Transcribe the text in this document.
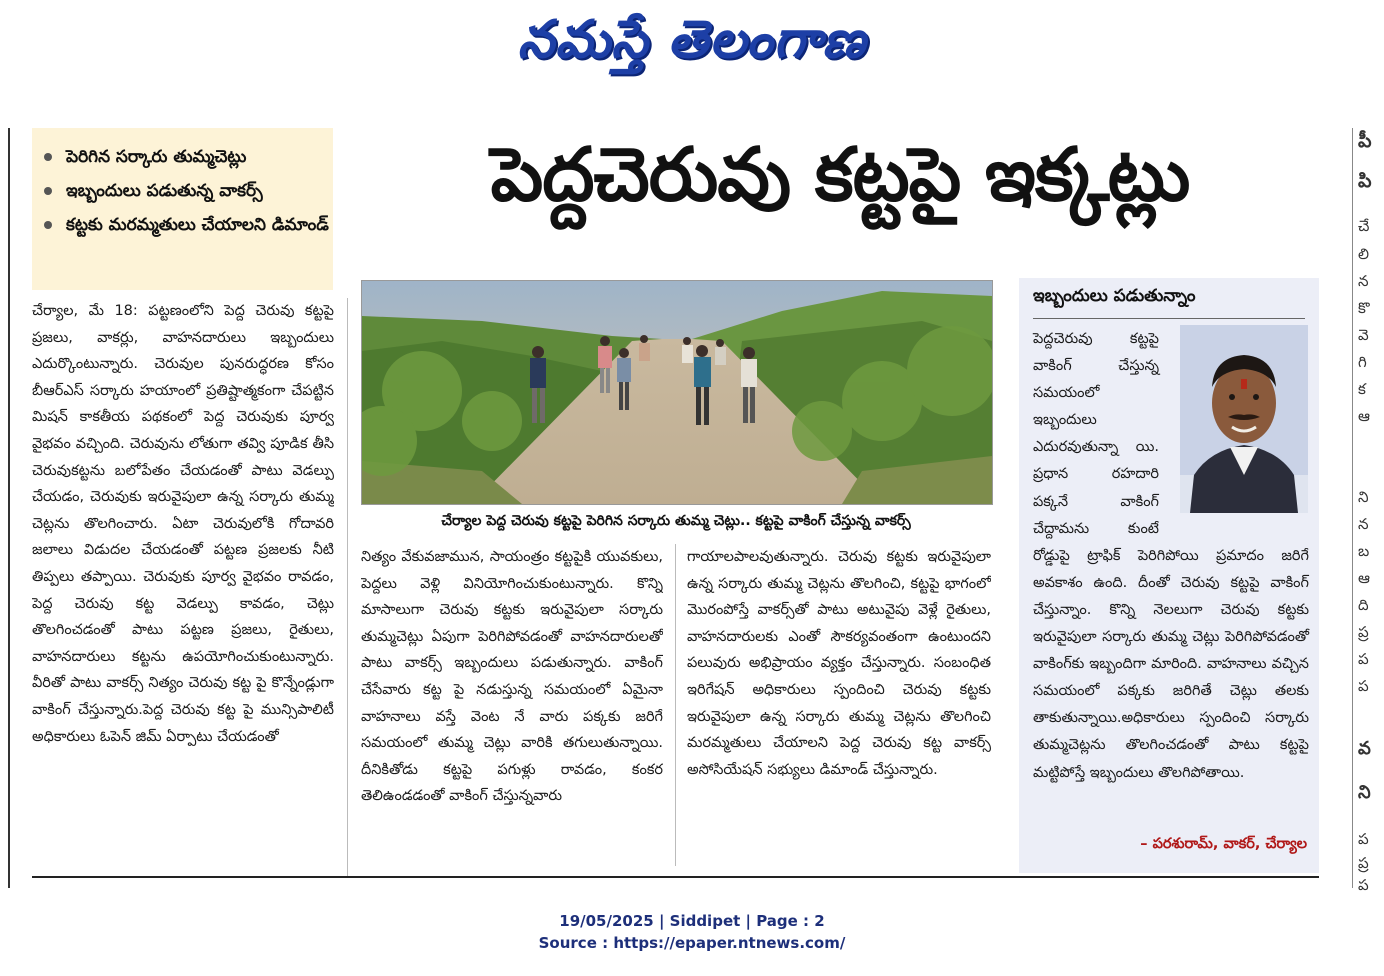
నమస్తే తెలంగాణ
పెరిగిన సర్కారు తుమ్మచెట్లు
ఇబ్బందులు పడుతున్న వాకర్స్
కట్టకు మరమ్మతులు చేయాలని డిమాండ్
పెద్దచెరువు కట్టపై ఇక్కట్లు
చేర్యాల పెద్ద చెరువు కట్టపై పెరిగిన సర్కారు తుమ్మ చెట్లు.. కట్టపై వాకింగ్ చేస్తున్న వాకర్స్

చేర్యాల, మే 18: పట్టణంలోని పెద్ద చెరువు కట్టపై ప్రజలు, వాకర్లు, వాహనదారులు ఇబ్బందులు ఎదుర్కొంటున్నారు. చెరువుల పునరుద్ధరణ కోసం బీఆర్ఎస్ సర్కారు హయాంలో ప్రతిష్టాత్మకంగా చేపట్టిన మిషన్ కాకతీయ పథకంలో పెద్ద చెరువుకు పూర్వ వైభవం వచ్చింది. చెరువును లోతుగా తవ్వి పూడిక తీసి చెరువుకట్టను బలోపేతం చేయడంతో పాటు వెడల్పు చేయడం, చెరువుకు ఇరువైపులా ఉన్న సర్కారు తుమ్మ చెట్లను తొలగించారు. ఏటా చెరువులోకి గోదావరి జలాలు విడుదల చేయడంతో పట్టణ ప్రజలకు నీటి తిప్పలు తప్పాయి. చెరువుకు పూర్వ వైభవం రావడం, పెద్ద చెరువు కట్ట వెడల్పు కావడం, చెట్లు తొలగించడంతో పాటు పట్టణ ప్రజలు, రైతులు, వాహనదారులు కట్టను ఉపయోగించుకుంటున్నారు. వీరితో పాటు వాకర్స్ నిత్యం చెరువు కట్ట పై కొన్నేండ్లుగా వాకింగ్ చేస్తున్నారు.పెద్ద చెరువు కట్ట పై మున్సిపాలిటీ అధికారులు ఓపెన్ జిమ్ ఏర్పాటు చేయడంతో

నిత్యం వేకువజామున, సాయంత్రం కట్టపైకి యువకులు, పెద్దలు వెళ్లి వినియోగించుకుంటున్నారు. కొన్ని మాసాలుగా చెరువు కట్టకు ఇరువైపులా సర్కారు తుమ్మచెట్లు ఏపుగా పెరిగిపోవడంతో వాహనదారులతో పాటు వాకర్స్ ఇబ్బందులు పడుతున్నారు. వాకింగ్ చేసేవారు కట్ట పై నడుస్తున్న సమయంలో ఏమైనా వాహనాలు వస్తే వెంట నే వారు పక్కకు జరిగే సమయంలో తుమ్మ చెట్లు వారికి తగులుతున్నాయి. దీనికితోడు కట్టపై పగుళ్లు రావడం, కంకర తెలిఉండడంతో వాకింగ్ చేస్తున్నవారు

గాయాలపాలవుతున్నారు. చెరువు కట్టకు ఇరువైపులా ఉన్న సర్కారు తుమ్మ చెట్లను తొలగించి, కట్టపై భాగంలో మొరంపోస్తే వాకర్స్‌తో పాటు అటువైపు వెళ్లే రైతులు, వాహనదారులకు ఎంతో సౌకర్యవంతంగా ఉంటుందని పలువురు అభిప్రాయం వ్యక్తం చేస్తున్నారు. సంబంధిత ఇరిగేషన్ అధికారులు స్పందించి చెరువు కట్టకు ఇరువైపులా ఉన్న సర్కారు తుమ్మ చెట్లను తొలగించి మరమ్మతులు చేయాలని పెద్ద చెరువు కట్ట వాకర్స్ అసోసియేషన్ సభ్యులు డిమాండ్ చేస్తున్నారు.

ఇబ్బందులు పడుతున్నాం
పెద్దచెరువు కట్టపై వాకింగ్ చేస్తున్న సమయంలో ఇబ్బందులు ఎదురవుతున్నా యి. ప్రధాన రహదారి పక్కనే వాకింగ్ చేద్దామను కుంటే రోడ్డుపై ట్రాఫిక్ పెరిగిపోయి ప్రమాదం జరిగే అవకాశం ఉంది. దీంతో చెరువు కట్టపై వాకింగ్ చేస్తున్నాం. కొన్ని నెలలుగా చెరువు కట్టకు ఇరువైపులా సర్కారు తుమ్మ చెట్లు పెరిగిపోవడంతో వాకింగ్‌కు ఇబ్బందిగా మారింది. వాహనాలు వచ్చిన సమయంలో పక్కకు జరిగితే చెట్లు తలకు తాకుతున్నాయి.అధికారులు స్పందించి సర్కారు తుమ్మచెట్లను తొలగించడంతో పాటు కట్టపై మట్టిపోస్తే ఇబ్బందులు తొలగిపోతాయి.
– పరశురామ్, వాకర్, చేర్యాల
పీ
పి
చే
లి
న
కొ
వె
గి
క
ఆ
ని
న
బ
ఆ
ది
ప్ర
ప
ప
వ
ని
ప
ప్ర
ప
19/05/2025 | Siddipet | Page : 2
Source : https://epaper.ntnews.com/
